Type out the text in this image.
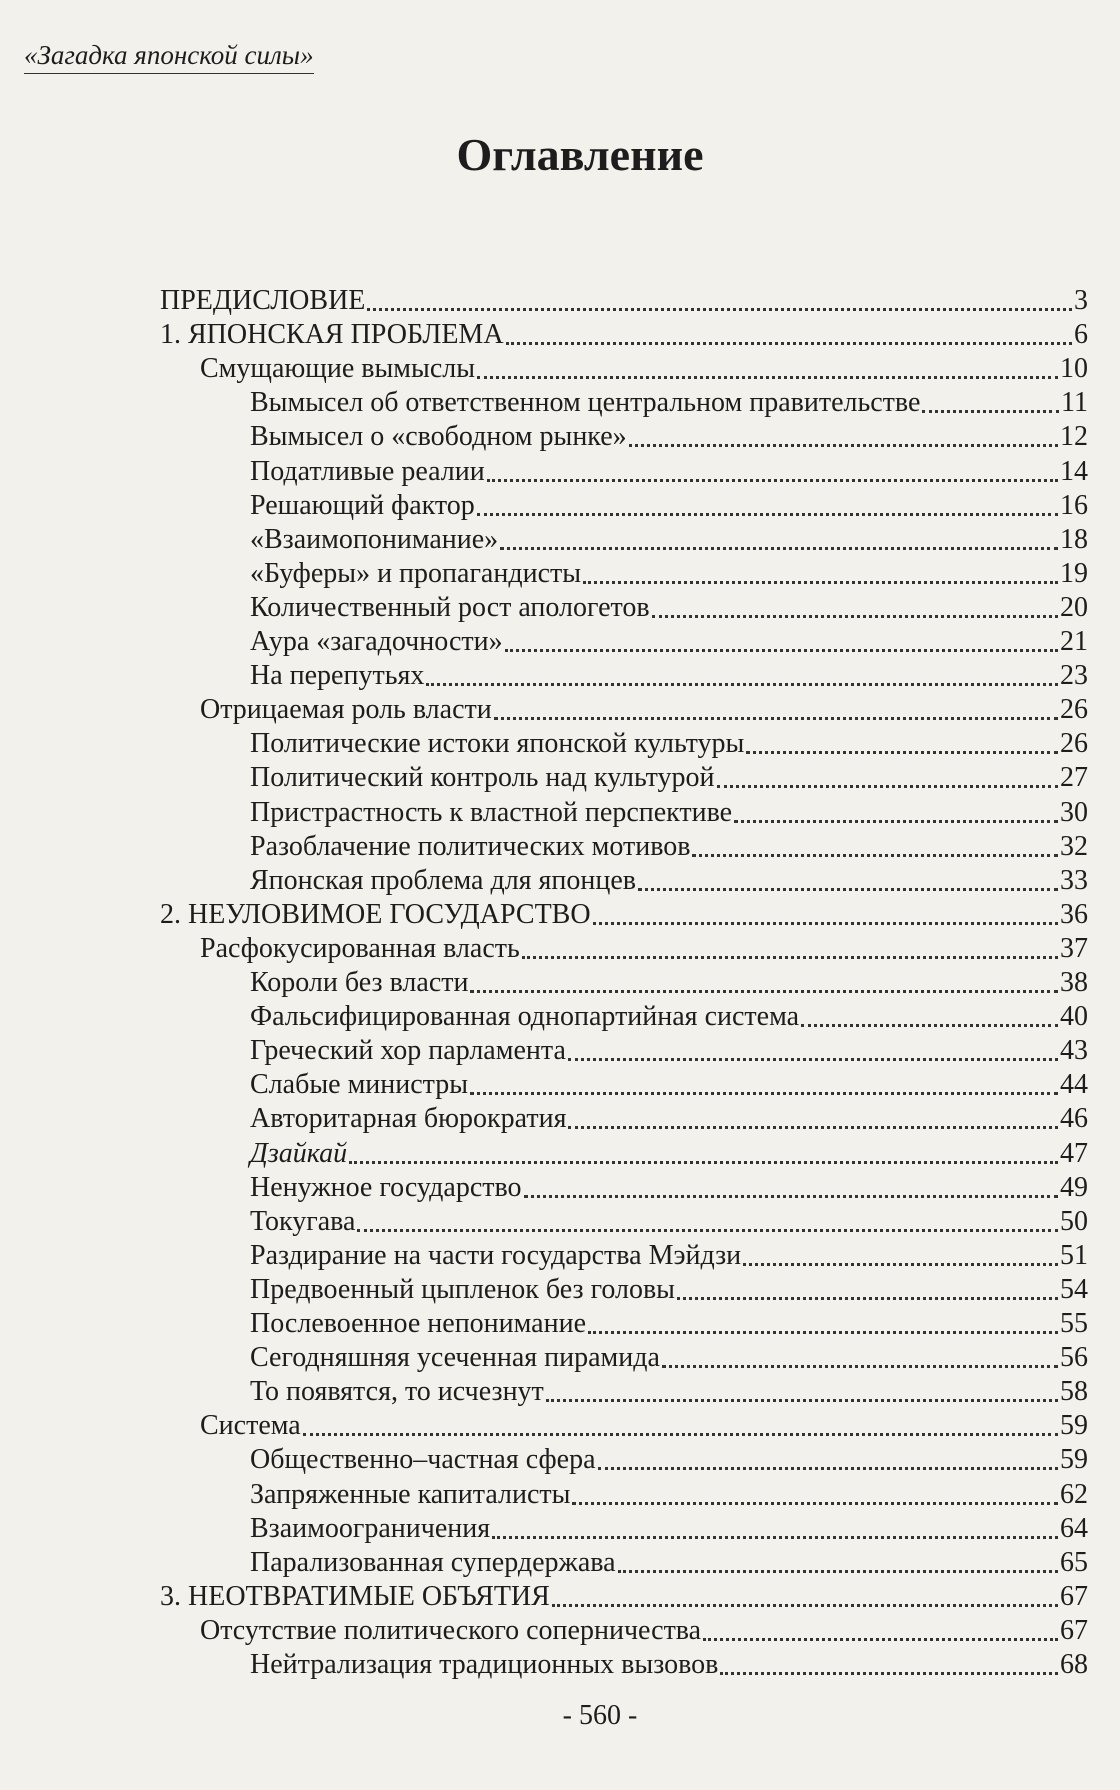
«Загадка японской силы»
Оглавление
ПРЕДИСЛОВИЕ	3
1. ЯПОНСКАЯ ПРОБЛЕМА	6
Смущающие вымыслы	10
Вымысел об ответственном центральном правительстве	11
Вымысел о «свободном рынке»	12
Податливые реалии	14
Решающий фактор	16
«Взаимопонимание»	18
«Буферы» и пропагандисты	19
Количественный рост апологетов	20
Аура «загадочности»	21
На перепутьях	23
Отрицаемая роль власти	26
Политические истоки японской культуры	26
Политический контроль над культурой	27
Пристрастность к властной перспективе	30
Разоблачение политических мотивов	32
Японская проблема для японцев	33
2. НЕУЛОВИМОЕ ГОСУДАРСТВО	36
Расфокусированная власть	37
Короли без власти	38
Фальсифицированная однопартийная система	40
Греческий хор парламента	43
Слабые министры	44
Авторитарная бюрократия	46
Дзайкай	47
Ненужное государство	49
Токугава	50
Раздирание на части государства Мэйдзи	51
Предвоенный цыпленок без головы	54
Послевоенное непонимание	55
Сегодняшняя усеченная пирамида	56
То появятся, то исчезнут	58
Система	59
Общественно–частная сфера	59
Запряженные капиталисты	62
Взаимоограничения	64
Парализованная супердержава	65
3. НЕОТВРАТИМЫЕ ОБЪЯТИЯ	67
Отсутствие политического соперничества	67
Нейтрализация традиционных вызовов	68
- 560 -
